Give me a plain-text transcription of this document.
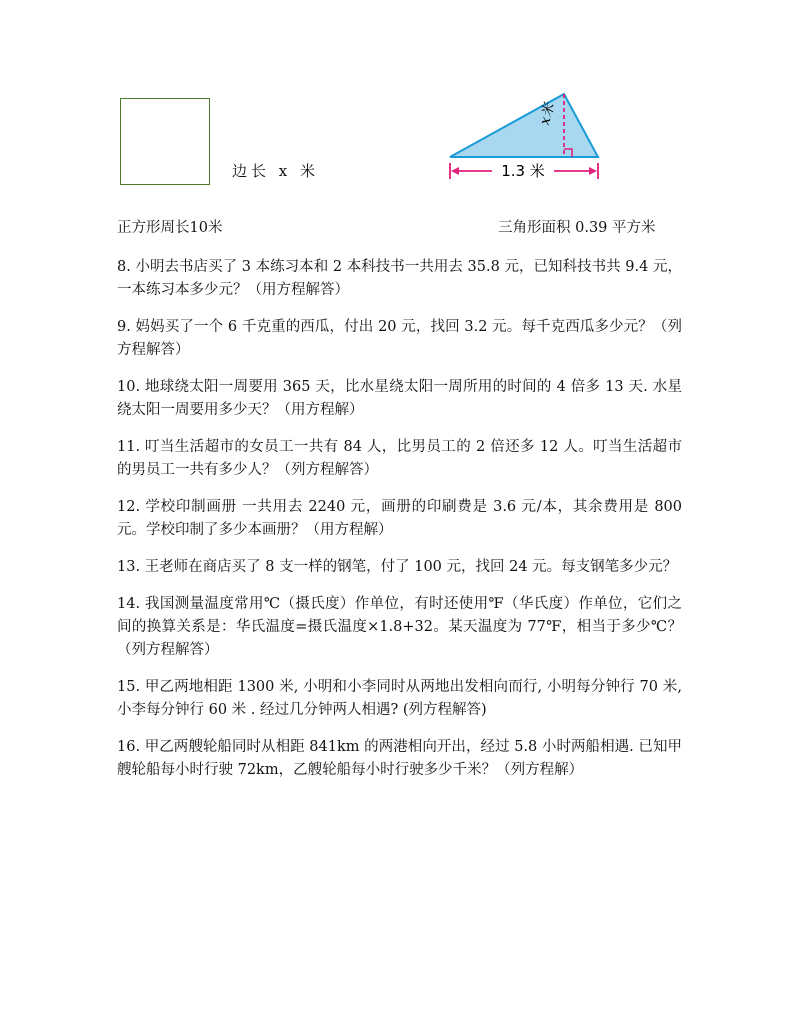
边长 x 米
x米
1.3 米
正方形周长10米	三角形面积 0.39 平方米

8. 小明去书店买了 3 本练习本和 2 本科技书一共用去 35.8 元，已知科技书共 9.4 元，一本练习本多少元？（用方程解答）

9. 妈妈买了一个 6 千克重的西瓜，付出 20 元，找回 3.2 元。每千克西瓜多少元？（列方程解答）

10. 地球绕太阳一周要用 365 天，比水星绕太阳一周所用的时间的 4 倍多 13 天. 水星绕太阳一周要用多少天？（用方程解）

11. 叮当生活超市的女员工一共有 84 人，比男员工的 2 倍还多 12 人。叮当生活超市的男员工一共有多少人？（列方程解答）

12. 学校印制画册 一共用去 2240 元，画册的印刷费是 3.6 元/本，其余费用是 800 元。学校印制了多少本画册？（用方程解）

13. 王老师在商店买了 8 支一样的钢笔，付了 100 元，找回 24 元。每支钢笔多少元？

14. 我国测量温度常用℃（摄氏度）作单位，有时还使用℉（华氏度）作单位，它们之间的换算关系是：华氏温度=摄氏温度×1.8+32。某天温度为 77℉，相当于多少℃？（列方程解答）

15. 甲乙两地相距 1300 米, 小明和小李同时从两地出发相向而行, 小明每分钟行 70 米, 小李每分钟行 60 米 . 经过几分钟两人相遇? (列方程解答)

16. 甲乙两艘轮船同时从相距 841km 的两港相向开出，经过 5.8 小时两船相遇. 已知甲艘轮船每小时行驶 72km，乙艘轮船每小时行驶多少千米？（列方程解）
